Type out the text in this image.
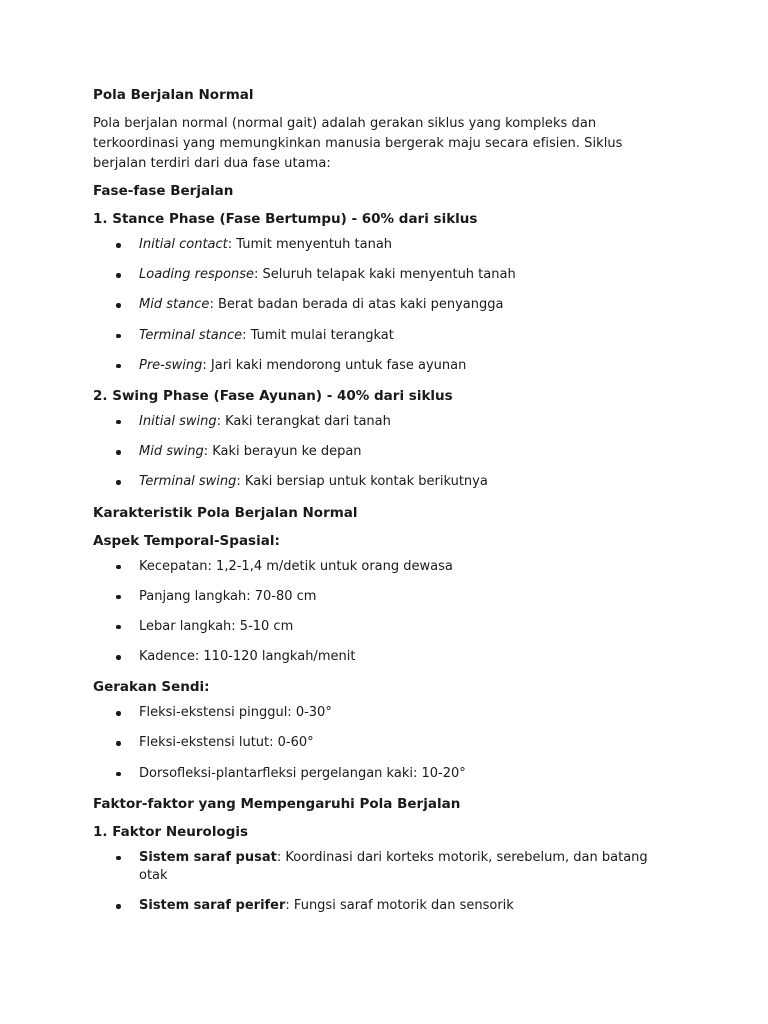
Pola Berjalan Normal

Pola berjalan normal (normal gait) adalah gerakan siklus yang kompleks dan terkoordinasi yang memungkinkan manusia bergerak maju secara efisien. Siklus berjalan terdiri dari dua fase utama:

Fase-fase Berjalan
1. Stance Phase (Fase Bertumpu) - 60% dari siklus
Initial contact: Tumit menyentuh tanah
Loading response: Seluruh telapak kaki menyentuh tanah
Mid stance: Berat badan berada di atas kaki penyangga
Terminal stance: Tumit mulai terangkat
Pre-swing: Jari kaki mendorong untuk fase ayunan
2. Swing Phase (Fase Ayunan) - 40% dari siklus
Initial swing: Kaki terangkat dari tanah
Mid swing: Kaki berayun ke depan
Terminal swing: Kaki bersiap untuk kontak berikutnya
Karakteristik Pola Berjalan Normal
Aspek Temporal-Spasial:
Kecepatan: 1,2-1,4 m/detik untuk orang dewasa
Panjang langkah: 70-80 cm
Lebar langkah: 5-10 cm
Kadence: 110-120 langkah/menit
Gerakan Sendi:
Fleksi-ekstensi pinggul: 0-30°
Fleksi-ekstensi lutut: 0-60°
Dorsofleksi-plantarfleksi pergelangan kaki: 10-20°
Faktor-faktor yang Mempengaruhi Pola Berjalan
1. Faktor Neurologis
Sistem saraf pusat: Koordinasi dari korteks motorik, serebelum, dan batang otak
Sistem saraf perifer: Fungsi saraf motorik dan sensorik
